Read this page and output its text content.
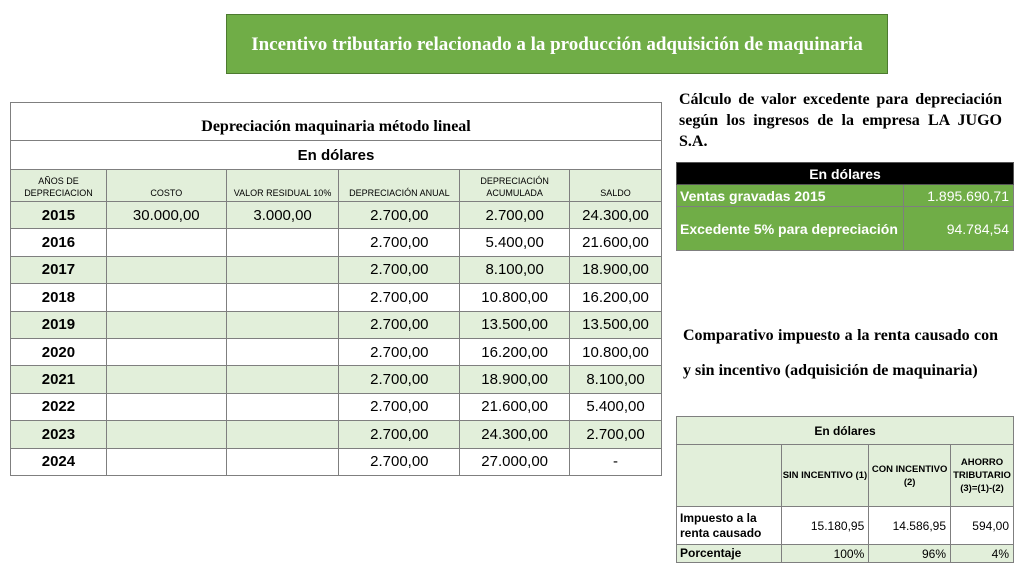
Incentivo tributario relacionado a la producción adquisición de maquinaria
Depreciación maquinaria método lineal					
En dólares					
AÑOS DE DEPRECIACION	COSTO	VALOR RESIDUAL 10%	DEPRECIACIÓN ANUAL	DEPRECIACIÓN ACUMULADA	SALDO
2015	30.000,00	3.000,00	2.700,00	2.700,00	24.300,00
2016			2.700,00	5.400,00	21.600,00
2017			2.700,00	8.100,00	18.900,00
2018			2.700,00	10.800,00	16.200,00
2019			2.700,00	13.500,00	13.500,00
2020			2.700,00	16.200,00	10.800,00
2021			2.700,00	18.900,00	8.100,00
2022			2.700,00	21.600,00	5.400,00
2023			2.700,00	24.300,00	2.700,00
2024			2.700,00	27.000,00	-
Cálculo de valor excedente para depreciación según los ingresos de la empresa LA JUGO S.A.
En dólares	
Ventas gravadas 2015	1.895.690,71
Excedente 5% para depreciación	94.784,54
Comparativo impuesto a la renta causado con y sin incentivo (adquisición de maquinaria)
En dólares			
	SIN INCENTIVO (1)	CON INCENTIVO (2)	AHORRO TRIBUTARIO (3)=(1)-(2)
Impuesto a la renta causado	15.180,95	14.586,95	594,00
Porcentaje	100%	96%	4%
